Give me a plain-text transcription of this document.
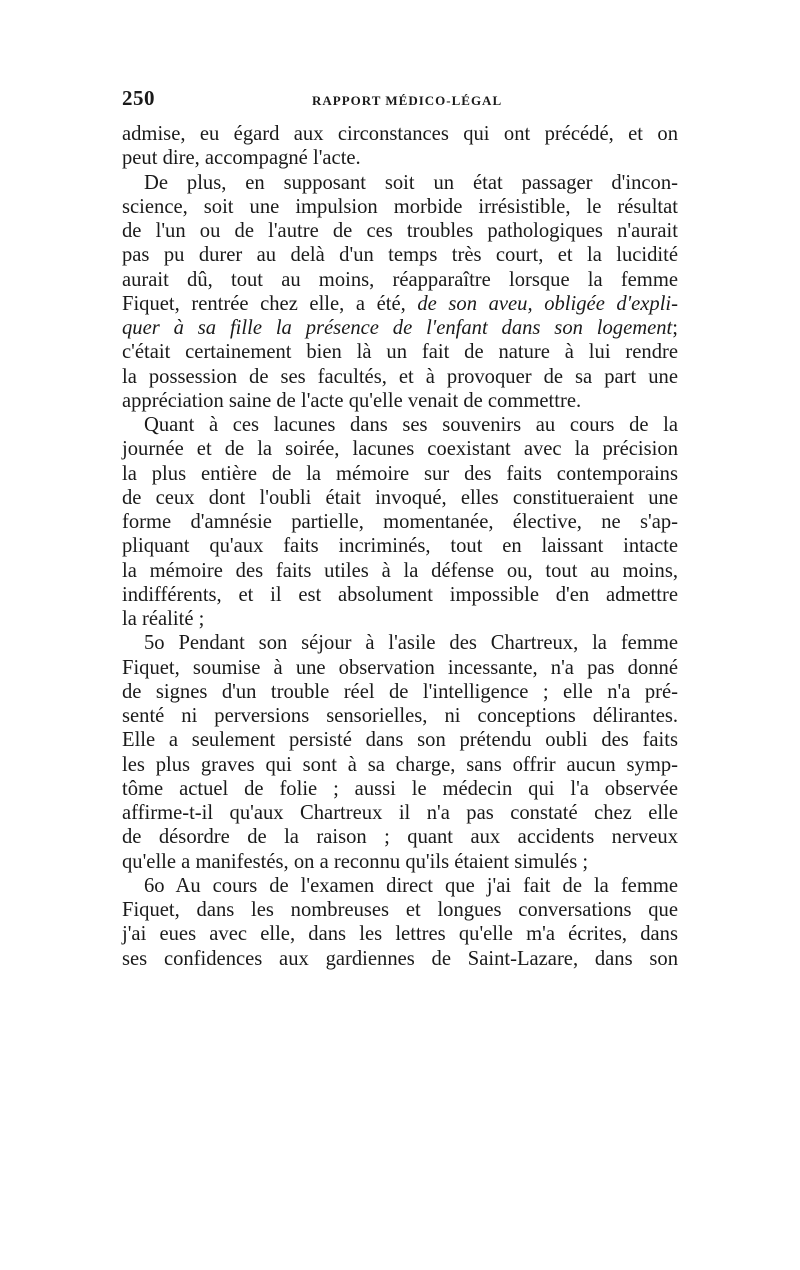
250	RAPPORT MÉDICO-LÉGAL
admise, eu égard aux circonstances qui ont précédé, et on
peut dire, accompagné l'acte.
De plus, en supposant soit un état passager d'incon-
science, soit une impulsion morbide irrésistible, le résultat
de l'un ou de l'autre de ces troubles pathologiques n'aurait
pas pu durer au delà d'un temps très court, et la lucidité
aurait dû, tout au moins, réapparaître lorsque la femme
Fiquet, rentrée chez elle, a été, de son aveu, obligée d'expli-
quer à sa fille la présence de l'enfant dans son logement;
c'était certainement bien là un fait de nature à lui rendre
la possession de ses facultés, et à provoquer de sa part une
appréciation saine de l'acte qu'elle venait de commettre.
Quant à ces lacunes dans ses souvenirs au cours de la
journée et de la soirée, lacunes coexistant avec la précision
la plus entière de la mémoire sur des faits contemporains
de ceux dont l'oubli était invoqué, elles constitueraient une
forme d'amnésie partielle, momentanée, élective, ne s'ap-
pliquant qu'aux faits incriminés, tout en laissant intacte
la mémoire des faits utiles à la défense ou, tout au moins,
indifférents, et il est absolument impossible d'en admettre
la réalité ;
5o Pendant son séjour à l'asile des Chartreux, la femme
Fiquet, soumise à une observation incessante, n'a pas donné
de signes d'un trouble réel de l'intelligence ; elle n'a pré-
senté ni perversions sensorielles, ni conceptions délirantes.
Elle a seulement persisté dans son prétendu oubli des faits
les plus graves qui sont à sa charge, sans offrir aucun symp-
tôme actuel de folie ; aussi le médecin qui l'a observée
affirme-t-il qu'aux Chartreux il n'a pas constaté chez elle
de désordre de la raison ; quant aux accidents nerveux
qu'elle a manifestés, on a reconnu qu'ils étaient simulés ;
6o Au cours de l'examen direct que j'ai fait de la femme
Fiquet, dans les nombreuses et longues conversations que
j'ai eues avec elle, dans les lettres qu'elle m'a écrites, dans
ses confidences aux gardiennes de Saint-Lazare, dans son
